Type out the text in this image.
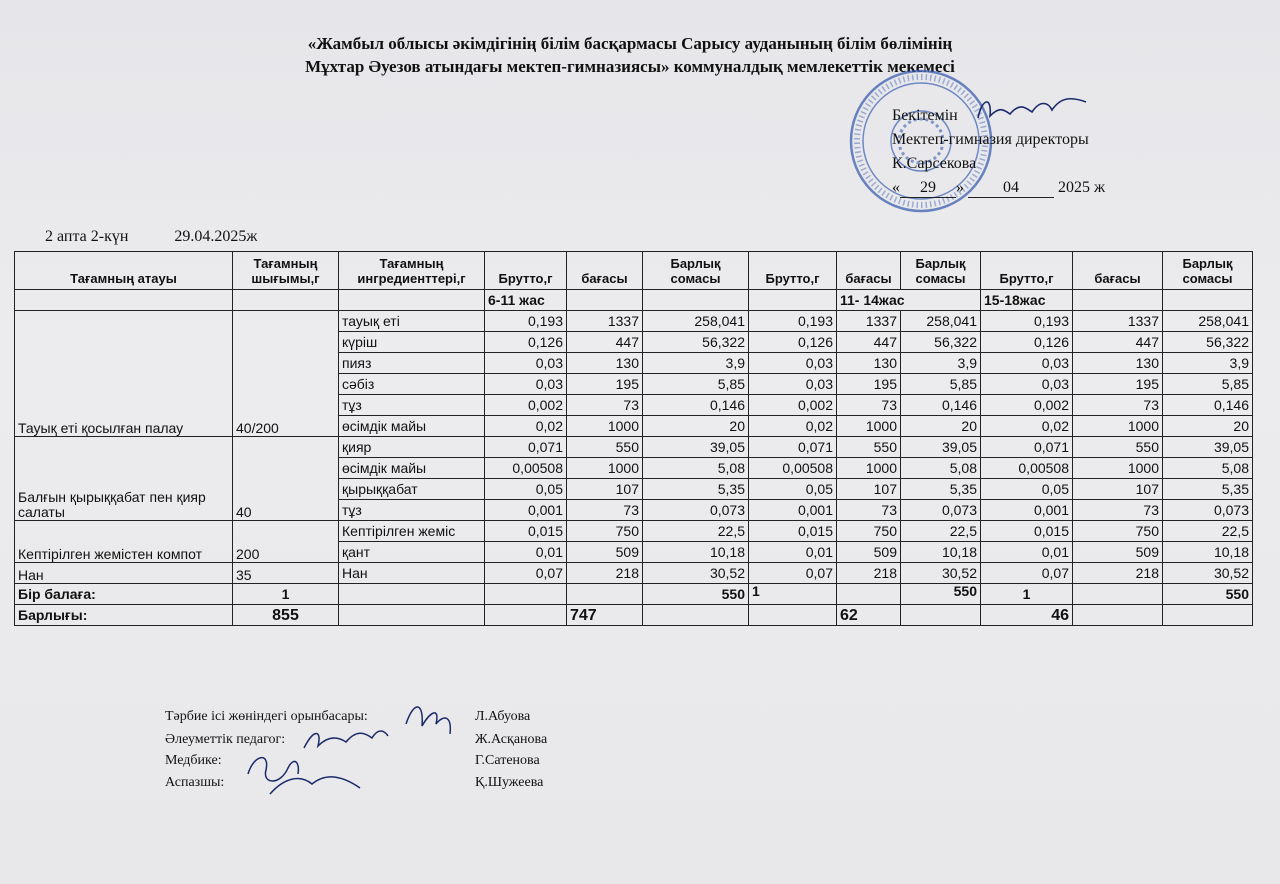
«Жамбыл облысы әкімдігінің білім басқармасы Сарысу ауданының білім бөлімінің
Мұхтар Әуезов атындағы мектеп-гимназиясы» коммуналдық мемлекеттік мекемесі
Бекітемін
Мектеп-гимназия директоры
К.Сарсекова
« 29 » 04 2025 ж
2 апта 2-күн	29.04.2025ж
Тағамның атауы	Тағамның шығымы,г	Тағамның ингредиенттері,г	Брутто,г	бағасы	Барлық сомасы	Брутто,г	бағасы	Барлық сомасы	Брутто,г	бағасы	Барлық сомасы
			6-11 жас				11- 14жас		15-18жас		
Тауық еті қосылған палау	40/200	тауық еті	0,193	1337	258,041	0,193	1337	258,041	0,193	1337	258,041
		күріш	0,126	447	56,322	0,126	447	56,322	0,126	447	56,322
		пияз	0,03	130	3,9	0,03	130	3,9	0,03	130	3,9
		сәбіз	0,03	195	5,85	0,03	195	5,85	0,03	195	5,85
		тұз	0,002	73	0,146	0,002	73	0,146	0,002	73	0,146
		өсімдік майы	0,02	1000	20	0,02	1000	20	0,02	1000	20
Балғын қырыққабат пен қияр салаты	40	қияр	0,071	550	39,05	0,071	550	39,05	0,071	550	39,05
		өсімдік майы	0,00508	1000	5,08	0,00508	1000	5,08	0,00508	1000	5,08
		қырыққабат	0,05	107	5,35	0,05	107	5,35	0,05	107	5,35
		тұз	0,001	73	0,073	0,001	73	0,073	0,001	73	0,073
Кептірілген жемістен компот	200	Кептірілген жеміс	0,015	750	22,5	0,015	750	22,5	0,015	750	22,5
		қант	0,01	509	10,18	0,01	509	10,18	0,01	509	10,18
Нан	35	Нан	0,07	218	30,52	0,07	218	30,52	0,07	218	30,52
Бір балаға:	1				550	1		550	1		550
Барлығы:	855			747			62		46		
Тәрбие ісі жөніндегі орынбасары:
Әлеуметтік педагог:
Медбике:
Аспазшы:
Л.Абуова
Ж.Асқанова
Г.Сатенова
Қ.Шужеева
